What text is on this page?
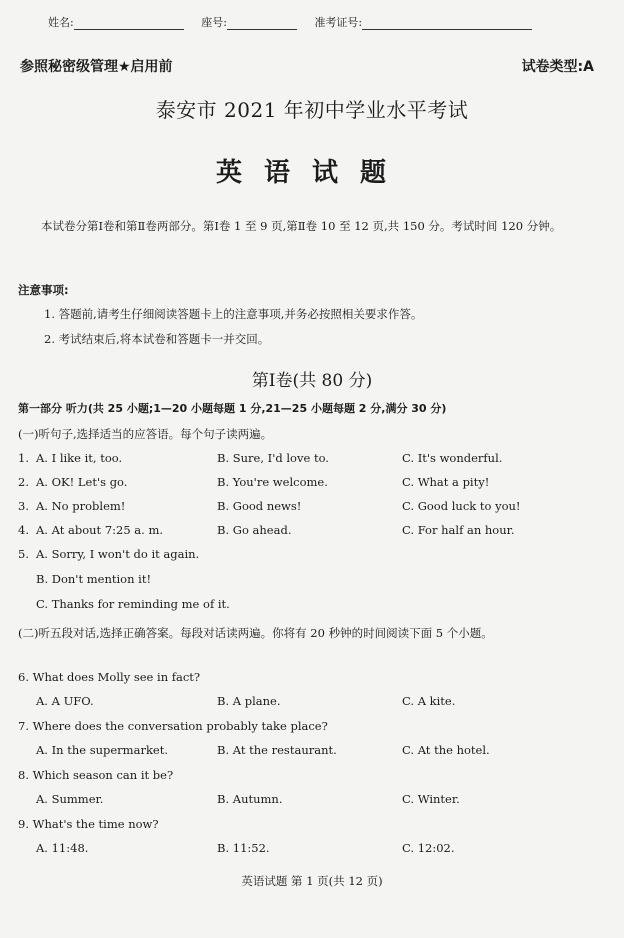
姓名:	座号:	准考证号:
参照秘密级管理★启用前	试卷类型:A
泰安市 2021 年初中学业水平考试
英语试题
本试卷分第Ⅰ卷和第Ⅱ卷两部分。第Ⅰ卷 1 至 9 页,第Ⅱ卷 10 至 12 页,共 150 分。考试时间 120 分钟。
注意事项:
1. 答题前,请考生仔细阅读答题卡上的注意事项,并务必按照相关要求作答。
2. 考试结束后,将本试卷和答题卡一并交回。
第Ⅰ卷(共 80 分)
第一部分 听力(共 25 小题;1—20 小题每题 1 分,21—25 小题每题 2 分,满分 30 分)
(一)听句子,选择适当的应答语。每个句子读两遍。
1. A. I like it, too.	B. Sure, I'd love to.	C. It's wonderful.
2. A. OK! Let's go.	B. You're welcome.	C. What a pity!
3. A. No problem!	B. Good news!	C. Good luck to you!
4. A. At about 7:25 a. m.	B. Go ahead.	C. For half an hour.
5. A. Sorry, I won't do it again.
B. Don't mention it!
C. Thanks for reminding me of it.
(二)听五段对话,选择正确答案。每段对话读两遍。你将有 20 秒钟的时间阅读下面 5 个小题。
6. What does Molly see in fact?
A. A UFO.	B. A plane.	C. A kite.
7. Where does the conversation probably take place?
A. In the supermarket.	B. At the restaurant.	C. At the hotel.
8. Which season can it be?
A. Summer.	B. Autumn.	C. Winter.
9. What's the time now?
A. 11:48.	B. 11:52.	C. 12:02.
英语试题 第 1 页(共 12 页)
